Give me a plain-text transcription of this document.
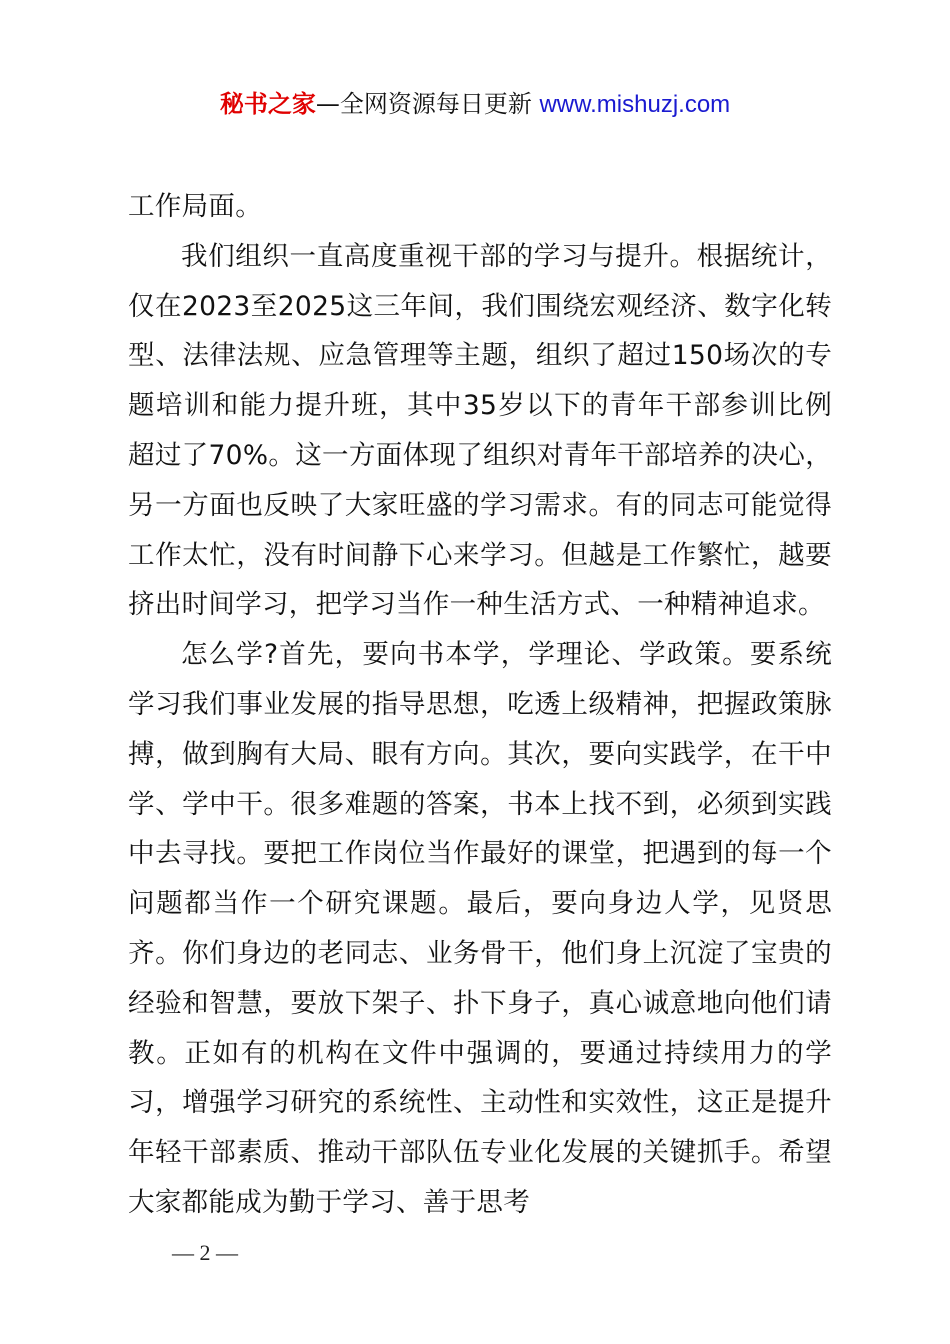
秘书之家—全网资源每日更新 www.mishuzj.com

工作局面。

我们组织一直高度重视干部的学习与提升。根据统计，仅在2023至2025这三年间，我们围绕宏观经济、数字化转型、法律法规、应急管理等主题，组织了超过150场次的专题培训和能力提升班，其中35岁以下的青年干部参训比例超过了70%。这一方面体现了组织对青年干部培养的决心，另一方面也反映了大家旺盛的学习需求。有的同志可能觉得工作太忙，没有时间静下心来学习。但越是工作繁忙，越要挤出时间学习，把学习当作一种生活方式、一种精神追求。

怎么学?首先，要向书本学，学理论、学政策。要系统学习我们事业发展的指导思想，吃透上级精神，把握政策脉搏，做到胸有大局、眼有方向。其次，要向实践学，在干中学、学中干。很多难题的答案，书本上找不到，必须到实践中去寻找。要把工作岗位当作最好的课堂，把遇到的每一个问题都当作一个研究课题。最后，要向身边人学，见贤思齐。你们身边的老同志、业务骨干，他们身上沉淀了宝贵的经验和智慧，要放下架子、扑下身子，真心诚意地向他们请教。正如有的机构在文件中强调的，要通过持续用力的学习，增强学习研究的系统性、主动性和实效性，这正是提升年轻干部素质、推动干部队伍专业化发展的关键抓手。希望大家都能成为勤于学习、善于思考

— 2 —
